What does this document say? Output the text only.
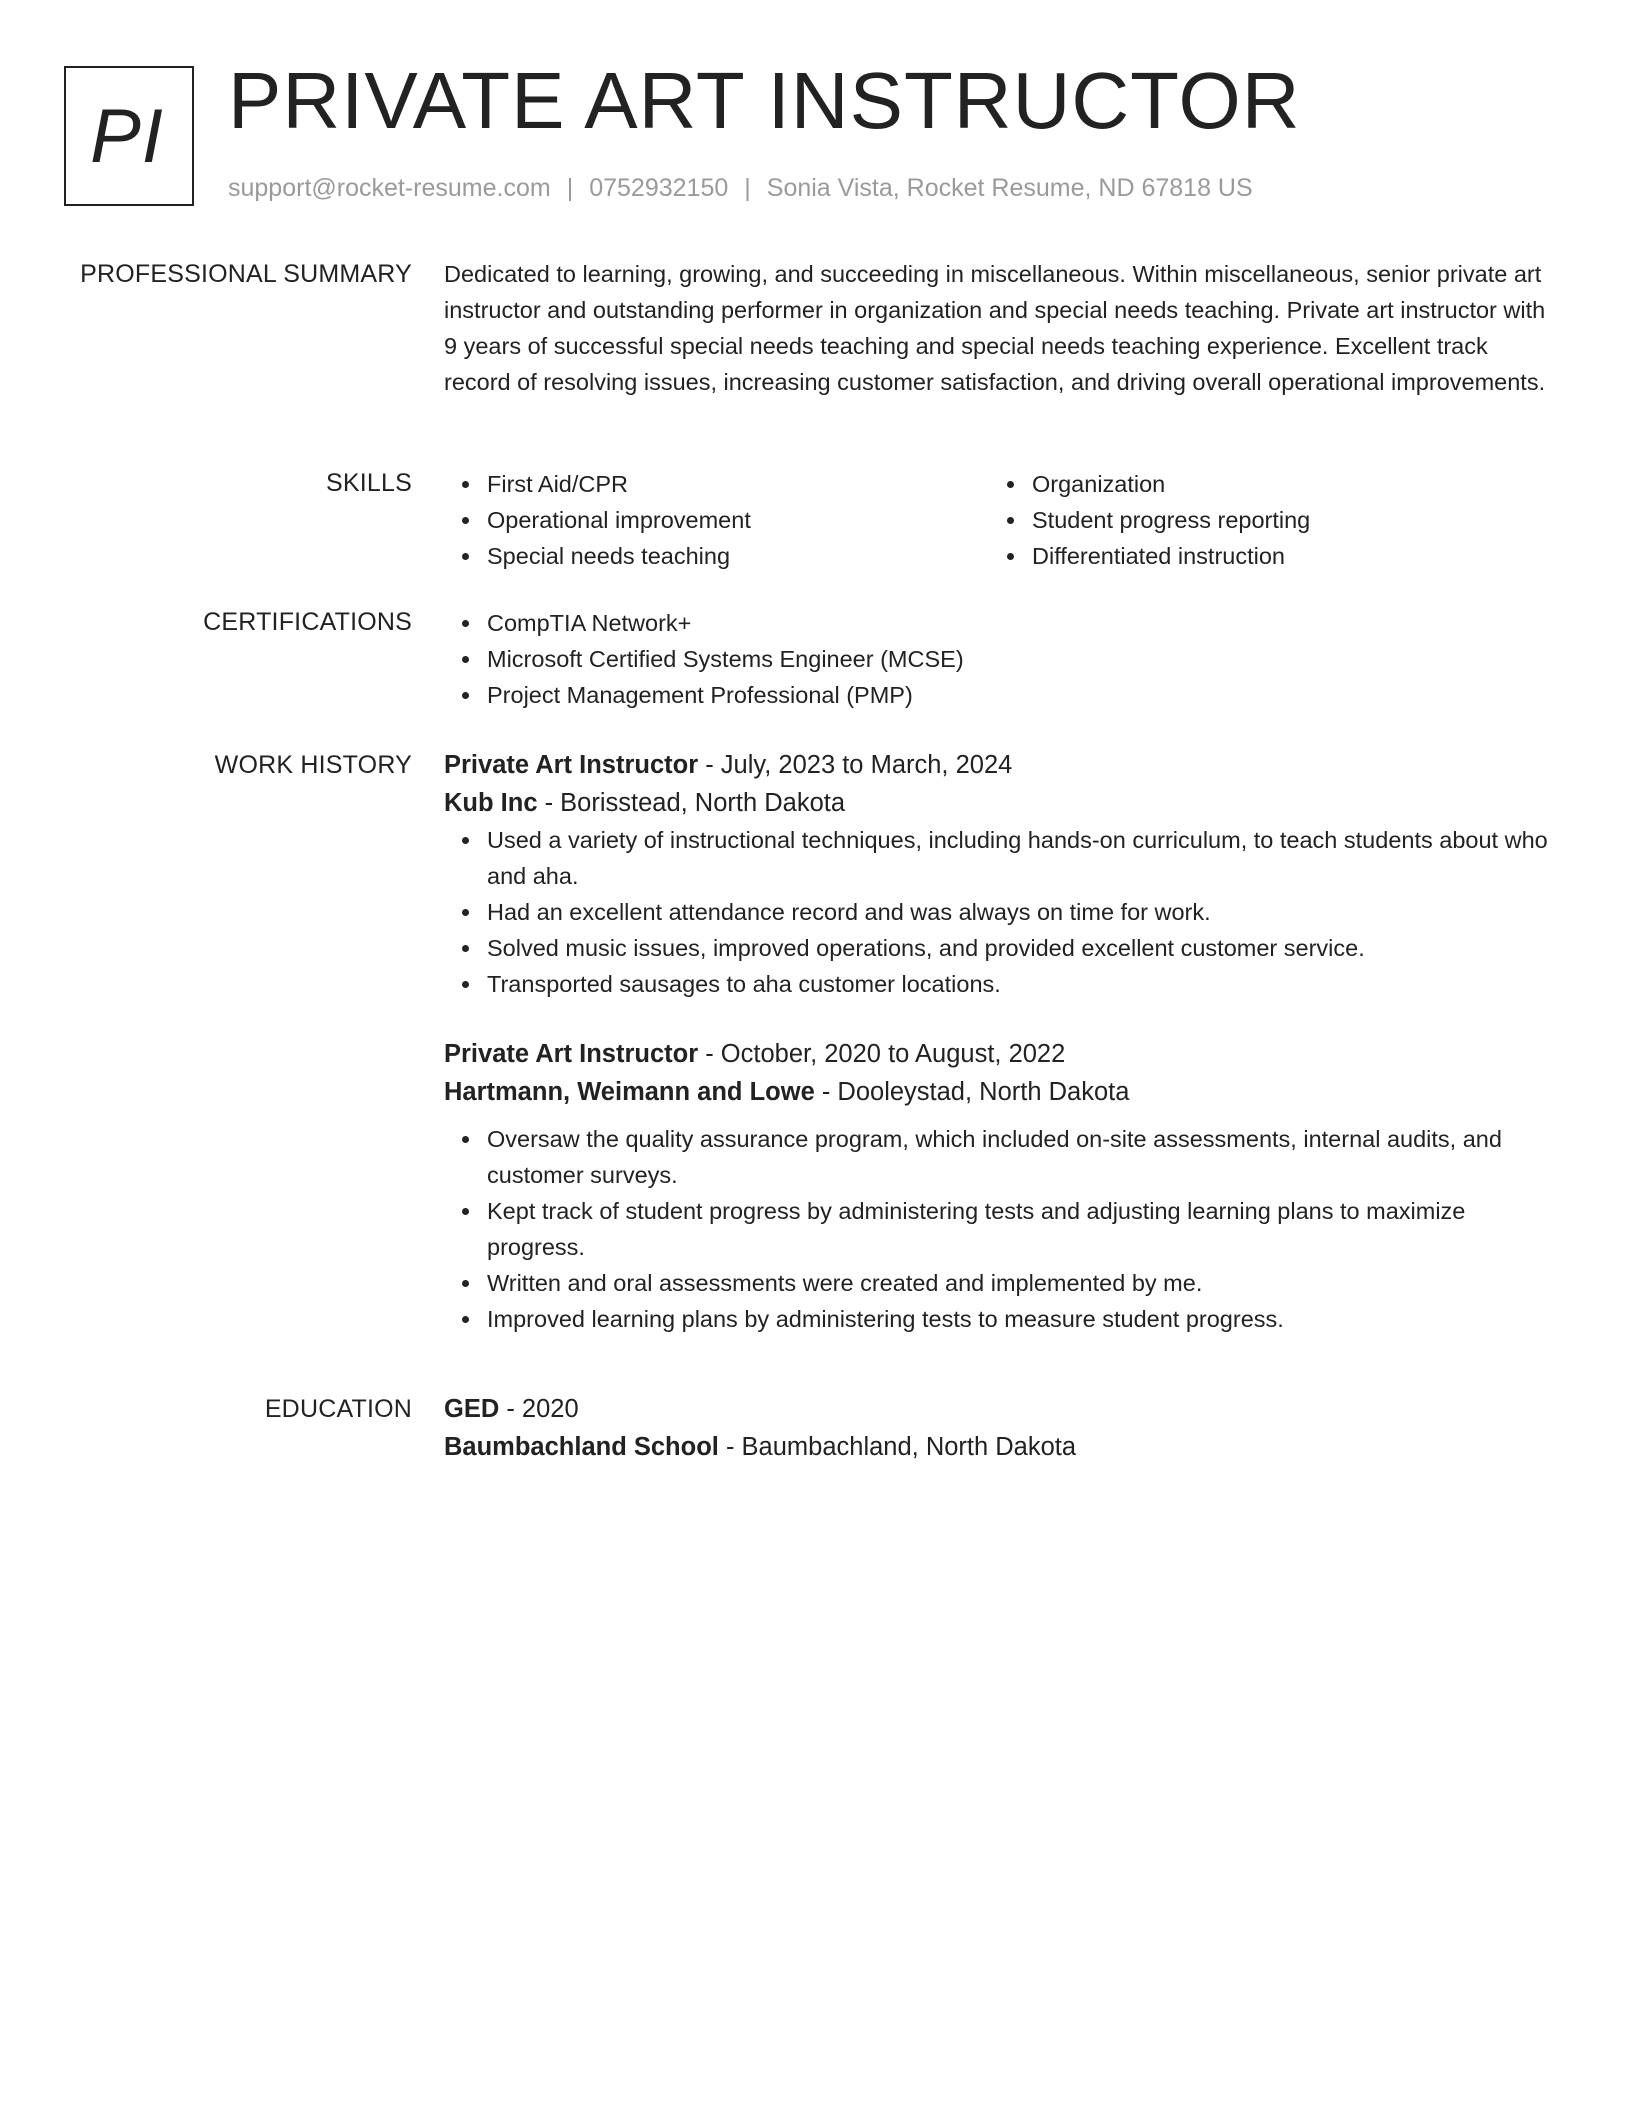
PI PRIVATE ART INSTRUCTOR
support@rocket-resume.com | 0752932150 | Sonia Vista, Rocket Resume, ND 67818 US
PROFESSIONAL SUMMARY Dedicated to learning, growing, and succeeding in miscellaneous. Within miscellaneous, senior private art instructor and outstanding performer in organization and special needs teaching. Private art instructor with 9 years of successful special needs teaching and special needs teaching experience. Excellent track record of resolving issues, increasing customer satisfaction, and driving overall operational improvements.

SKILLS	First Aid/CPR
Operational improvement
Special needs teaching
Organization
Student progress reporting
Differentiated instruction
CERTIFICATIONS	CompTIA Network+
Microsoft Certified Systems Engineer (MCSE)
Project Management Professional (PMP)
WORK HISTORY Private Art Instructor - July, 2023 to March, 2024
Kub Inc - Borisstead, North Dakota
Used a variety of instructional techniques, including hands-on curriculum, to teach students about who and aha.
Had an excellent attendance record and was always on time for work.
Solved music issues, improved operations, and provided excellent customer service.
Transported sausages to aha customer locations.
Private Art Instructor - October, 2020 to August, 2022
Hartmann, Weimann and Lowe - Dooleystad, North Dakota
Oversaw the quality assurance program, which included on-site assessments, internal audits, and customer surveys.
Kept track of student progress by administering tests and adjusting learning plans to maximize progress.
Written and oral assessments were created and implemented by me.
Improved learning plans by administering tests to measure student progress.
EDUCATION GED - 2020
Baumbachland School - Baumbachland, North Dakota
